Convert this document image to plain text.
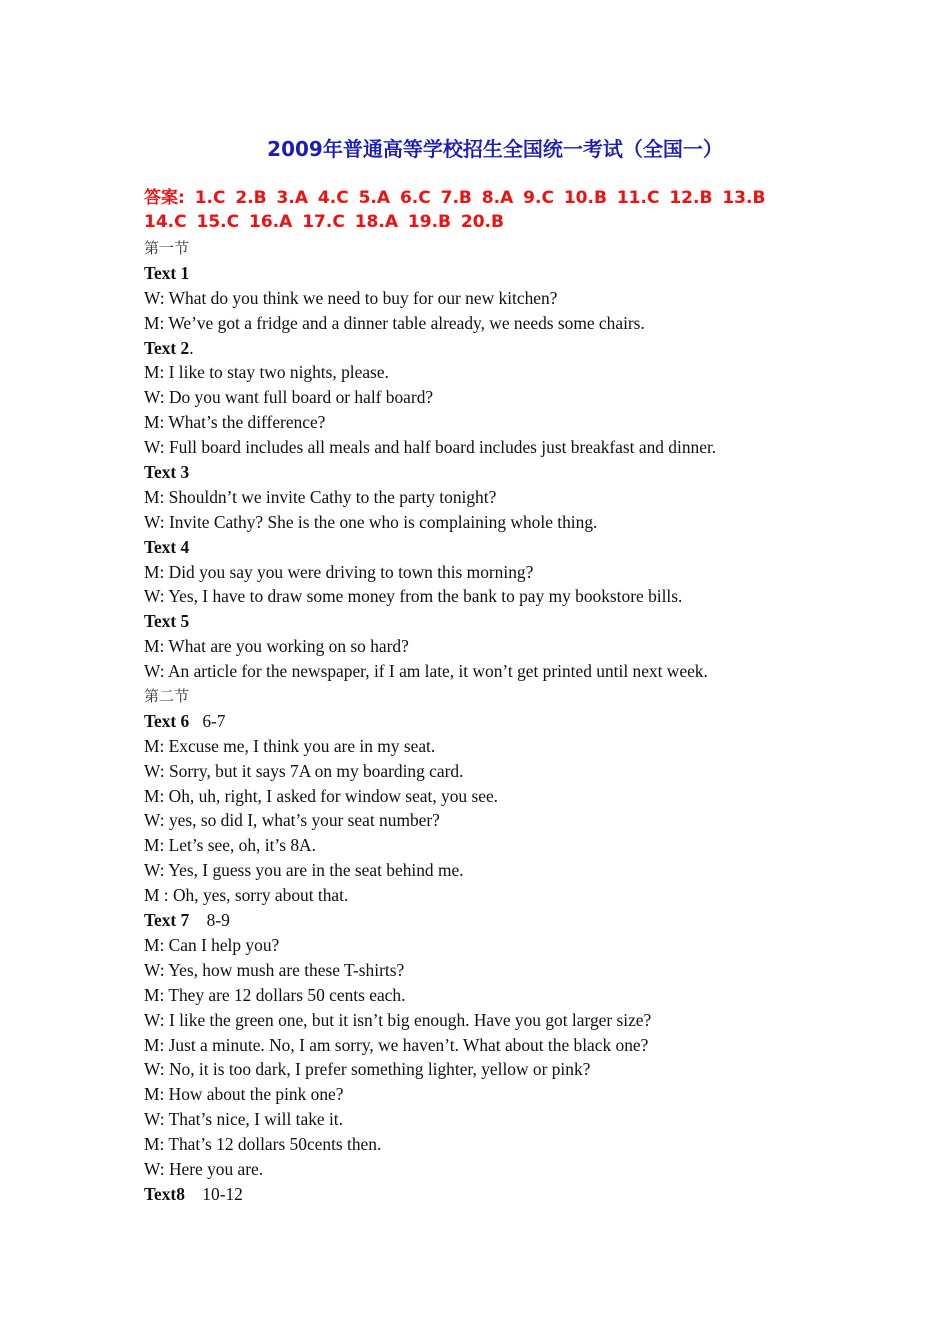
2009年普通高等学校招生全国统一考试（全国一）
答案: 1.C 2.B 3.A 4.C 5.A 6.C 7.B 8.A 9.C 10.B 11.C 12.B 13.B 14.C 15.C 16.A 17.C 18.A 19.B 20.B
第一节
Text 1
W: What do you think we need to buy for our new kitchen?
M: We’ve got a fridge and a dinner table already, we needs some chairs.
Text 2.
M: I like to stay two nights, please.
W: Do you want full board or half board?
M: What’s the difference?
W: Full board includes all meals and half board includes just breakfast and dinner.
Text 3
M: Shouldn’t we invite Cathy to the party tonight?
W: Invite Cathy? She is the one who is complaining whole thing.
Text 4
M: Did you say you were driving to town this morning?
W: Yes, I have to draw some money from the bank to pay my bookstore bills.
Text 5
M: What are you working on so hard?
W: An article for the newspaper, if I am late, it won’t get printed until next week.
第二节
Text 6 6-7
M: Excuse me, I think you are in my seat.
W: Sorry, but it says 7A on my boarding card.
M: Oh, uh, right, I asked for window seat, you see.
W: yes, so did I, what’s your seat number?
M: Let’s see, oh, it’s 8A.
W: Yes, I guess you are in the seat behind me.
M : Oh, yes, sorry about that.
Text 7 8-9
M: Can I help you?
W: Yes, how mush are these T-shirts?
M: They are 12 dollars 50 cents each.
W: I like the green one, but it isn’t big enough. Have you got larger size?
M: Just a minute. No, I am sorry, we haven’t. What about the black one?
W: No, it is too dark, I prefer something lighter, yellow or pink?
M: How about the pink one?
W: That’s nice, I will take it.
M: That’s 12 dollars 50cents then.
W: Here you are.
Text8 10-12
